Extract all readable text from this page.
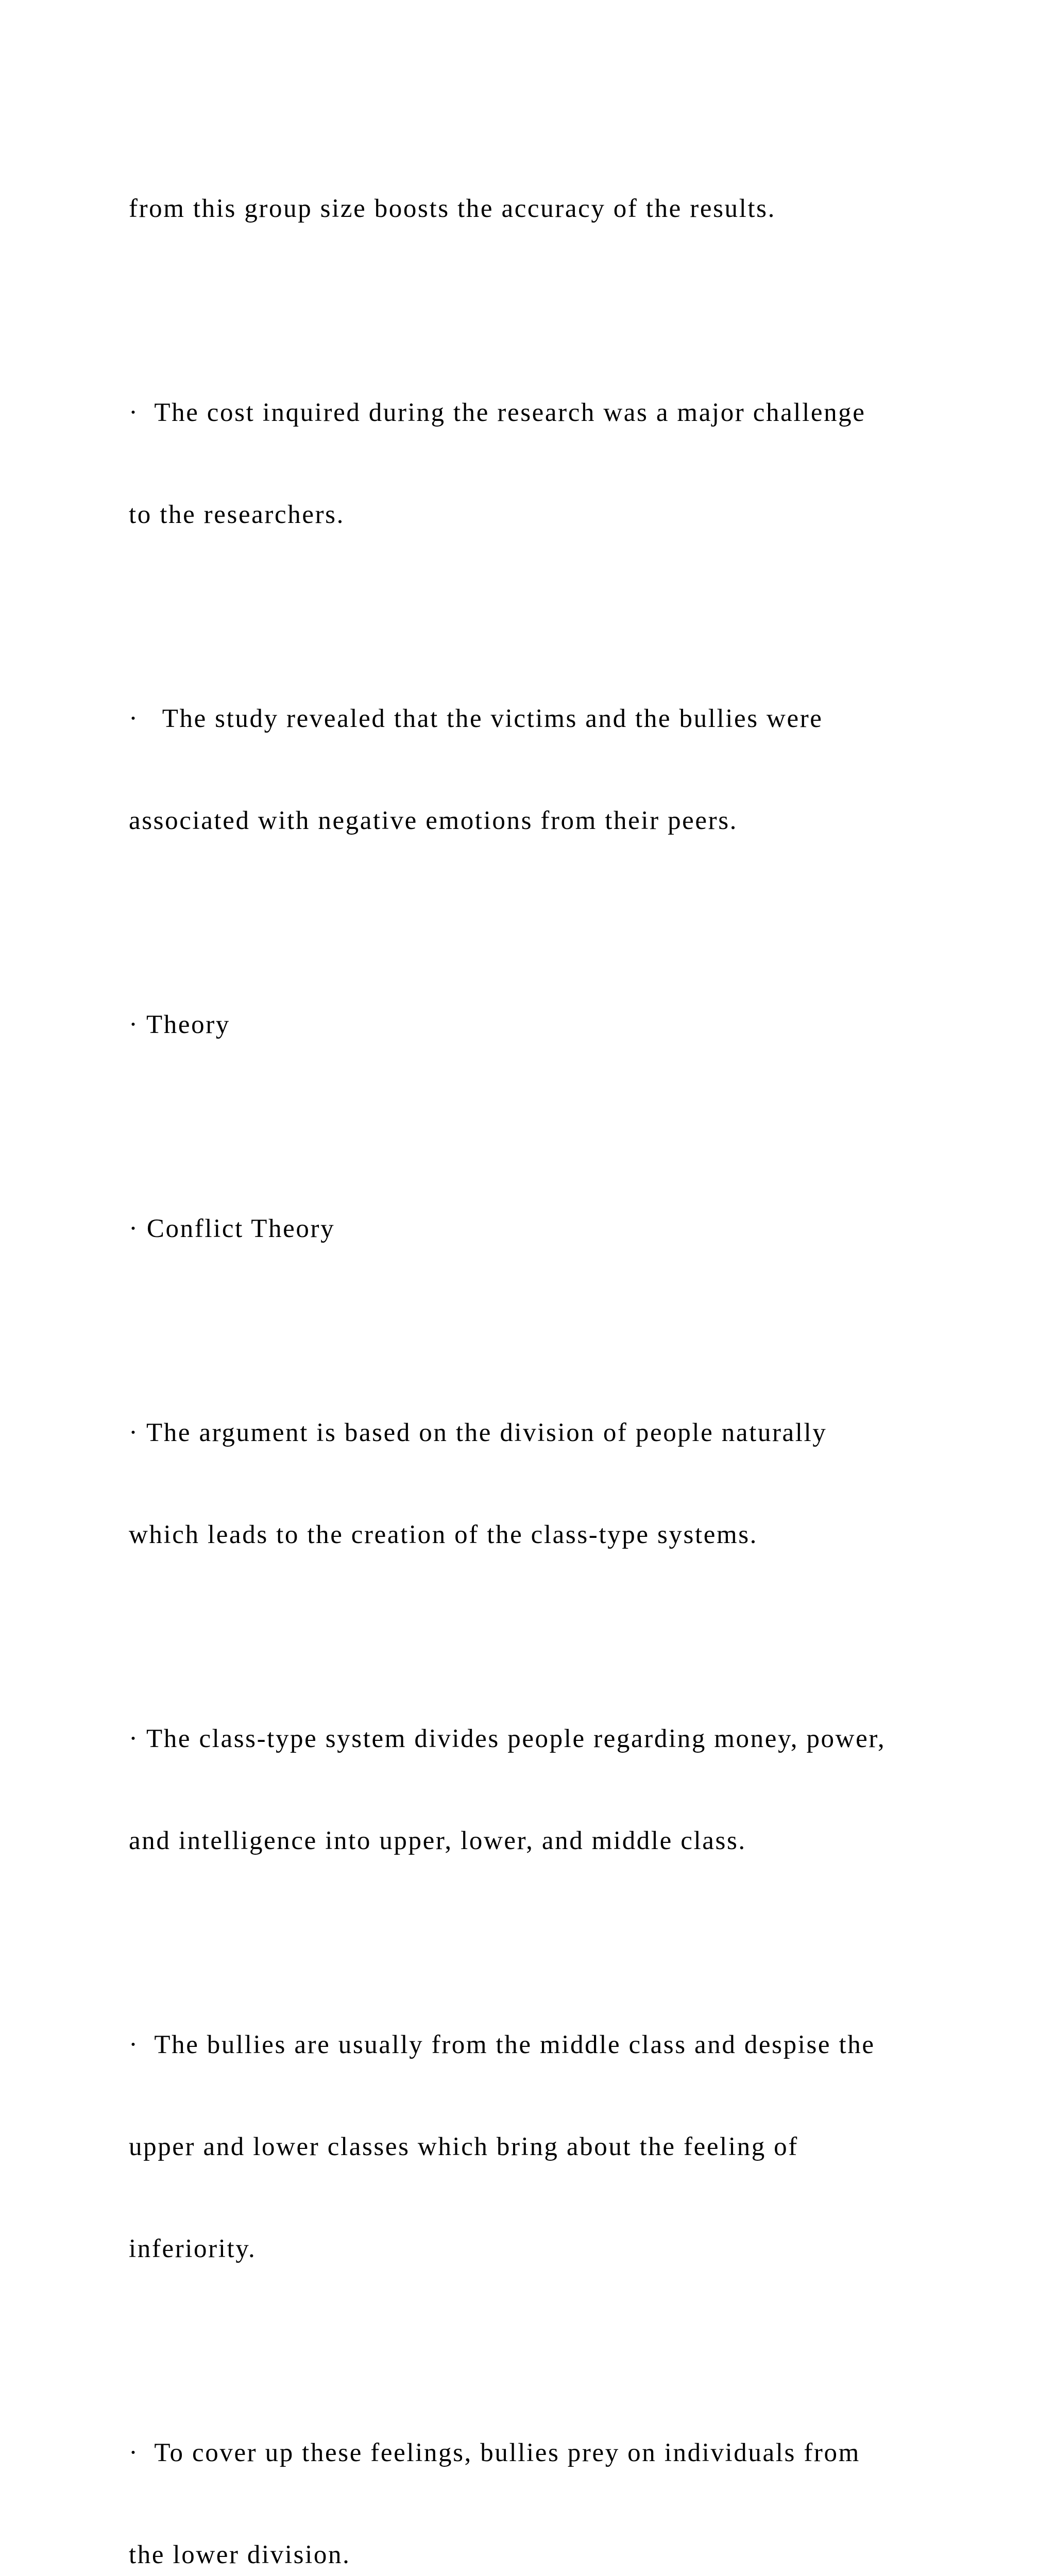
from this group size boosts the accuracy of the results.

·  The cost inquired during the research was a major challenge

to the researchers.

·   The study revealed that the victims and the bullies were

associated with negative emotions from their peers.

· Theory

· Conflict Theory

· The argument is based on the division of people naturally

which leads to the creation of the class-type systems.

· The class-type system divides people regarding money, power,

and intelligence into upper, lower, and middle class.

·  The bullies are usually from the middle class and despise the

upper and lower classes which bring about the feeling of

inferiority.

·  To cover up these feelings, bullies prey on individuals from

the lower division.
